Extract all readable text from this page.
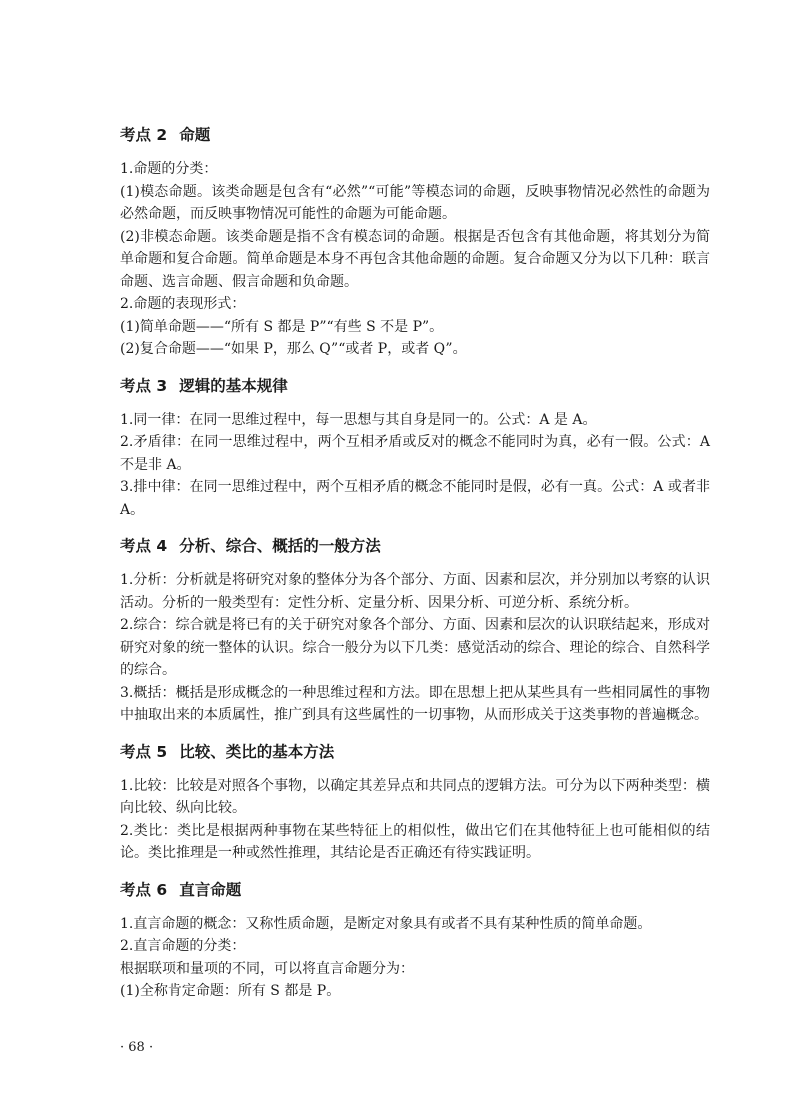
考点 2 命题

1.命题的分类：

(1)模态命题。该类命题是包含有“必然”“可能”等模态词的命题，反映事物情况必然性的命题为必然命题，而反映事物情况可能性的命题为可能命题。

(2)非模态命题。该类命题是指不含有模态词的命题。根据是否包含有其他命题，将其划分为简单命题和复合命题。简单命题是本身不再包含其他命题的命题。复合命题又分为以下几种：联言命题、选言命题、假言命题和负命题。

2.命题的表现形式：

(1)简单命题——“所有 S 都是 P”“有些 S 不是 P”。

(2)复合命题——“如果 P，那么 Q”“或者 P，或者 Q”。

考点 3 逻辑的基本规律

1.同一律：在同一思维过程中，每一思想与其自身是同一的。公式：A 是 A。

2.矛盾律：在同一思维过程中，两个互相矛盾或反对的概念不能同时为真，必有一假。公式：A 不是非 A。

3.排中律：在同一思维过程中，两个互相矛盾的概念不能同时是假，必有一真。公式：A 或者非 A。

考点 4 分析、综合、概括的一般方法

1.分析：分析就是将研究对象的整体分为各个部分、方面、因素和层次，并分别加以考察的认识活动。分析的一般类型有：定性分析、定量分析、因果分析、可逆分析、系统分析。

2.综合：综合就是将已有的关于研究对象各个部分、方面、因素和层次的认识联结起来，形成对研究对象的统一整体的认识。综合一般分为以下几类：感觉活动的综合、理论的综合、自然科学的综合。

3.概括：概括是形成概念的一种思维过程和方法。即在思想上把从某些具有一些相同属性的事物中抽取出来的本质属性，推广到具有这些属性的一切事物，从而形成关于这类事物的普遍概念。

考点 5 比较、类比的基本方法

1.比较：比较是对照各个事物，以确定其差异点和共同点的逻辑方法。可分为以下两种类型：横向比较、纵向比较。

2.类比：类比是根据两种事物在某些特征上的相似性，做出它们在其他特征上也可能相似的结论。类比推理是一种或然性推理，其结论是否正确还有待实践证明。

考点 6 直言命题

1.直言命题的概念：又称性质命题，是断定对象具有或者不具有某种性质的简单命题。

2.直言命题的分类：

根据联项和量项的不同，可以将直言命题分为：

(1)全称肯定命题：所有 S 都是 P。

· 68 ·
